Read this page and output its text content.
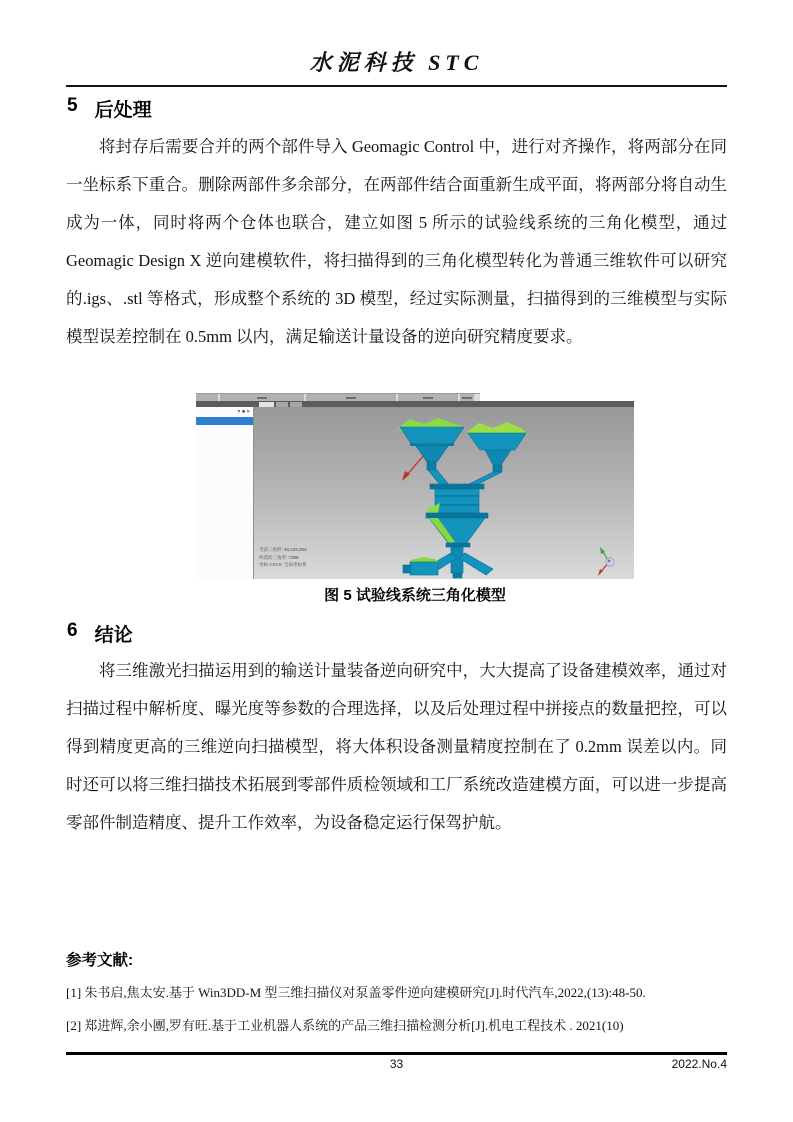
水泥科技 STC
5 后处理
将封存后需要合并的两个部件导入 Geomagic Control 中，进行对齐操作，将两部分在同一坐标系下重合。删除两部件多余部分，在两部件结合面重新生成平面，将两部分将自动生成为一体，同时将两个仓体也联合，建立如图 5 所示的试验线系统的三角化模型，通过 Geomagic Design X 逆向建模软件，将扫描得到的三角化模型转化为普通三维软件可以研究的.igs、.stl 等格式，形成整个系统的 3D 模型，经过实际测量，扫描得到的三维模型与实际模型误差控制在 0.5mm 以内，满足输送计量设备的逆向研究精度要求。
▾▪✕
当前三角形: 48,109,363
所选的三角形: 7398
坐标 CSYS: 全局坐标系
图 5 试验线系统三角化模型
6 结论
将三维激光扫描运用到的输送计量装备逆向研究中，大大提高了设备建模效率，通过对扫描过程中解析度、曝光度等参数的合理选择，以及后处理过程中拼接点的数量把控，可以得到精度更高的三维逆向扫描模型，将大体积设备测量精度控制在了 0.2mm 误差以内。同时还可以将三维扫描技术拓展到零部件质检领域和工厂系统改造建模方面，可以进一步提高零部件制造精度、提升工作效率，为设备稳定运行保驾护航。
参考文献:
[1] 朱书启,焦太安.基于 Win3DD-M 型三维扫描仪对泵盖零件逆向建模研究[J].时代汽车,2022,(13):48-50.
[2] 郑进辉,余小團,罗有旺.基于工业机器人系统的产品三维扫描检测分析[J].机电工程技术 . 2021(10)
33	2022.No.4
